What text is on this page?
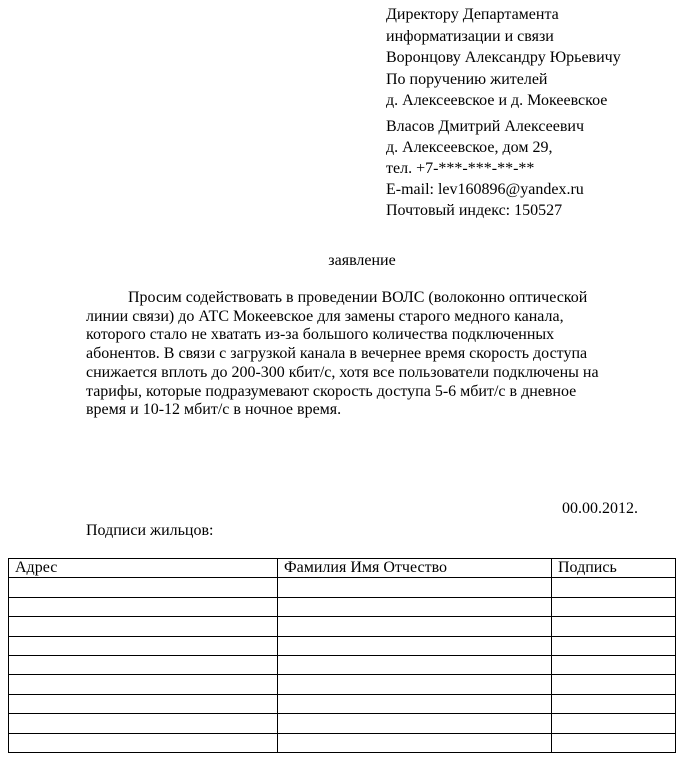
Директору Департамента
информатизации и связи
Воронцову Александру Юрьевичу
По поручению жителей
д. Алексеевское и д. Мокеевское
Власов Дмитрий Алексеевич
д. Алексеевское, дом 29,
тел. +7-***-***-**-**
E-mail: lev160896@yandex.ru
Почтовый индекс: 150527
заявление
Просим содействовать в проведении ВОЛС (волоконно оптической
линии связи) до АТС Мокеевское для замены старого медного канала,
которого стало не хватать из-за большого количества подключенных
абонентов. В связи с загрузкой канала в вечернее время скорость доступа
снижается вплоть до 200-300 кбит/с, хотя все пользователи подключены на
тарифы, которые подразумевают скорость доступа 5-6 мбит/с в дневное
время и 10-12 мбит/с в ночное время.
00.00.2012.
Подписи жильцов:
Адрес	Фамилия Имя Отчество	Подпись
